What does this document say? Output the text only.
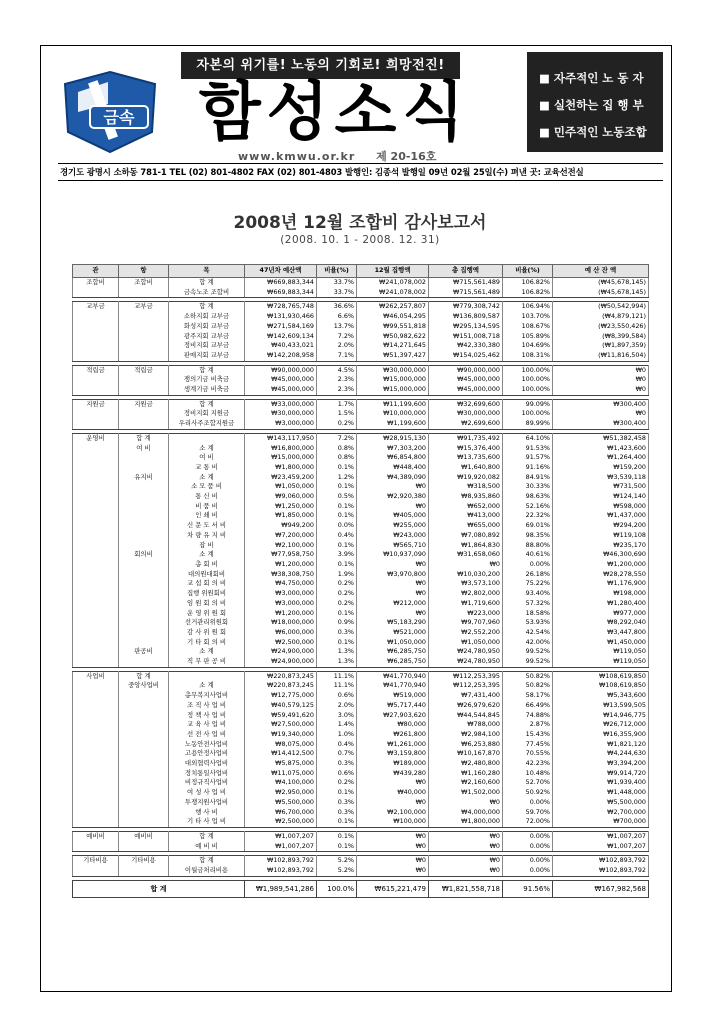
자본의 위기를! 노동의 기회로! 희망전진!
금속	함성소식
www.kmwu.or.kr 제 20-16호
■ 자주적인 노 동 자
■ 실천하는 집 행 부
■ 민주적인 노동조합
경기도 광명시 소하동 781-1 TEL (02) 801-4802 FAX (02) 801-4803 발행인: 김종석 발행일 09년 02월 25일(수) 펴낸 곳: 교육선전실
2008년 12월 조합비 감사보고서
(2008. 10. 1 - 2008. 12. 31)
관	항	목	47년차 예산액	비율(%)	12월 집행액	총 집행액	비율(%)	예 산 잔 액
조합비	조합비	합 계	₩669,883,344	33.7%	₩241,078,002	₩715,561,489	106.82%	(₩45,678,145)
		금속노조 조합비	₩669,883,344	33.7%	₩241,078,002	₩715,561,489	106.82%	(₩45,678,145)

교부금	교부금	합 계	₩728,765,748	36.6%	₩262,257,807	₩779,308,742	106.94%	(₩50,542,994)
		소하지회 교부금	₩131,930,466	6.6%	₩46,054,295	₩136,809,587	103.70%	(₩4,879,121)
		화성지회 교부금	₩271,584,169	13.7%	₩99,551,818	₩295,134,595	108.67%	(₩23,550,426)
		광주지회 교부금	₩142,609,134	7.2%	₩50,982,622	₩151,008,718	105.89%	(₩8,399,584)
		정비지회 교부금	₩40,433,021	2.0%	₩14,271,645	₩42,330,380	104.69%	(₩1,897,359)
		판매지회 교부금	₩142,208,958	7.1%	₩51,397,427	₩154,025,462	108.31%	(₩11,816,504)

적립금	적립금	합 계	₩90,000,000	4.5%	₩30,000,000	₩90,000,000	100.00%	₩0
		쟁의기금 비축금	₩45,000,000	2.3%	₩15,000,000	₩45,000,000	100.00%	₩0
		생계기금 비축금	₩45,000,000	2.3%	₩15,000,000	₩45,000,000	100.00%	₩0

지원금	지원금	합 계	₩33,000,000	1.7%	₩11,199,600	₩32,699,600	99.09%	₩300,400
		정비지회 지원금	₩30,000,000	1.5%	₩10,000,000	₩30,000,000	100.00%	₩0
		우리사주조합지원금	₩3,000,000	0.2%	₩1,199,600	₩2,699,600	89.99%	₩300,400

운영비	합 계		₩143,117,950	7.2%	₩28,915,130	₩91,735,492	64.10%	₩51,382,458
	여 비	소 계	₩16,800,000	0.8%	₩7,303,200	₩15,376,400	91.53%	₩1,423,600
		여 비	₩15,000,000	0.8%	₩6,854,800	₩13,735,600	91.57%	₩1,264,400
		교 통 비	₩1,800,000	0.1%	₩448,400	₩1,640,800	91.16%	₩159,200
	유지비	소 계	₩23,459,200	1.2%	₩4,389,090	₩19,920,082	84.91%	₩3,539,118
		소 모 품 비	₩1,050,000	0.1%	₩0	₩318,500	30.33%	₩731,500
		통 신 비	₩9,060,000	0.5%	₩2,920,380	₩8,935,860	98.63%	₩124,140
		비 품 비	₩1,250,000	0.1%	₩0	₩652,000	52.16%	₩598,000
		인 쇄 비	₩1,850,000	0.1%	₩405,000	₩413,000	22.32%	₩1,437,000
		신 문 도 서 비	₩949,200	0.0%	₩255,000	₩655,000	69.01%	₩294,200
		차 량 유 지 비	₩7,200,000	0.4%	₩243,000	₩7,080,892	98.35%	₩119,108
		잡 비	₩2,100,000	0.1%	₩565,710	₩1,864,830	88.80%	₩235,170
	회의비	소 계	₩77,958,750	3.9%	₩10,937,090	₩31,658,060	40.61%	₩46,300,690
		총 회 비	₩1,200,000	0.1%	₩0	₩0	0.00%	₩1,200,000
		대의원대회비	₩38,308,750	1.9%	₩3,970,800	₩10,030,200	26.18%	₩28,278,550
		교 섭 회 의 비	₩4,750,000	0.2%	₩0	₩3,573,100	75.22%	₩1,176,900
		집행 위원회비	₩3,000,000	0.2%	₩0	₩2,802,000	93.40%	₩198,000
		임 원 회 의 비	₩3,000,000	0.2%	₩212,000	₩1,719,600	57.32%	₩1,280,400
		운 영 위 원 회	₩1,200,000	0.1%	₩0	₩223,000	18.58%	₩977,000
		선거관리위원회	₩18,000,000	0.9%	₩5,183,290	₩9,707,960	53.93%	₩8,292,040
		감 사 위 원 회	₩6,000,000	0.3%	₩521,000	₩2,552,200	42.54%	₩3,447,800
		기 타 회 의 비	₩2,500,000	0.1%	₩1,050,000	₩1,050,000	42.00%	₩1,450,000
	판공비	소 계	₩24,900,000	1.3%	₩6,285,750	₩24,780,950	99.52%	₩119,050
		직 무 판 공 비	₩24,900,000	1.3%	₩6,285,750	₩24,780,950	99.52%	₩119,050

사업비	합 계		₩220,873,245	11.1%	₩41,770,940	₩112,253,395	50.82%	₩108,619,850
	중앙사업비	소 계	₩220,873,245	11.1%	₩41,770,940	₩112,253,395	50.82%	₩108,619,850
		총무복지사업비	₩12,775,000	0.6%	₩519,000	₩7,431,400	58.17%	₩5,343,600
		조 직 사 업 비	₩40,579,125	2.0%	₩5,717,440	₩26,979,620	66.49%	₩13,599,505
		정 책 사 업 비	₩59,491,620	3.0%	₩27,903,620	₩44,544,845	74.88%	₩14,946,775
		교 육 사 업 비	₩27,500,000	1.4%	₩80,000	₩788,000	2.87%	₩26,712,000
		선 전 사 업 비	₩19,340,000	1.0%	₩261,800	₩2,984,100	15.43%	₩16,355,900
		노동안전사업비	₩8,075,000	0.4%	₩1,261,000	₩6,253,880	77.45%	₩1,821,120
		고용안정사업비	₩14,412,500	0.7%	₩3,159,800	₩10,167,870	70.55%	₩4,244,630
		대외협력사업비	₩5,875,000	0.3%	₩189,000	₩2,480,800	42.23%	₩3,394,200
		정치통일사업비	₩11,075,000	0.6%	₩439,280	₩1,160,280	10.48%	₩9,914,720
		비정규직사업비	₩4,100,000	0.2%	₩0	₩2,160,600	52.70%	₩1,939,400
		여 성 사 업 비	₩2,950,000	0.1%	₩40,000	₩1,502,000	50.92%	₩1,448,000
		투쟁지원사업비	₩5,500,000	0.3%	₩0	₩0	0.00%	₩5,500,000
		행 사 비	₩6,700,000	0.3%	₩2,100,000	₩4,000,000	59.70%	₩2,700,000
		기 타 사 업 비	₩2,500,000	0.1%	₩100,000	₩1,800,000	72.00%	₩700,000

예비비	예비비	합 계	₩1,007,207	0.1%	₩0	₩0	0.00%	₩1,007,207
		예 비 비	₩1,007,207	0.1%	₩0	₩0	0.00%	₩1,007,207

기타비용	기타비용	합 계	₩102,893,792	5.2%	₩0	₩0	0.00%	₩102,893,792
		이월금처리비용	₩102,893,792	5.2%	₩0	₩0	0.00%	₩102,893,792

합 계			₩1,989,541,286	100.0%	₩615,221,479	₩1,821,558,718	91.56%	₩167,982,568
